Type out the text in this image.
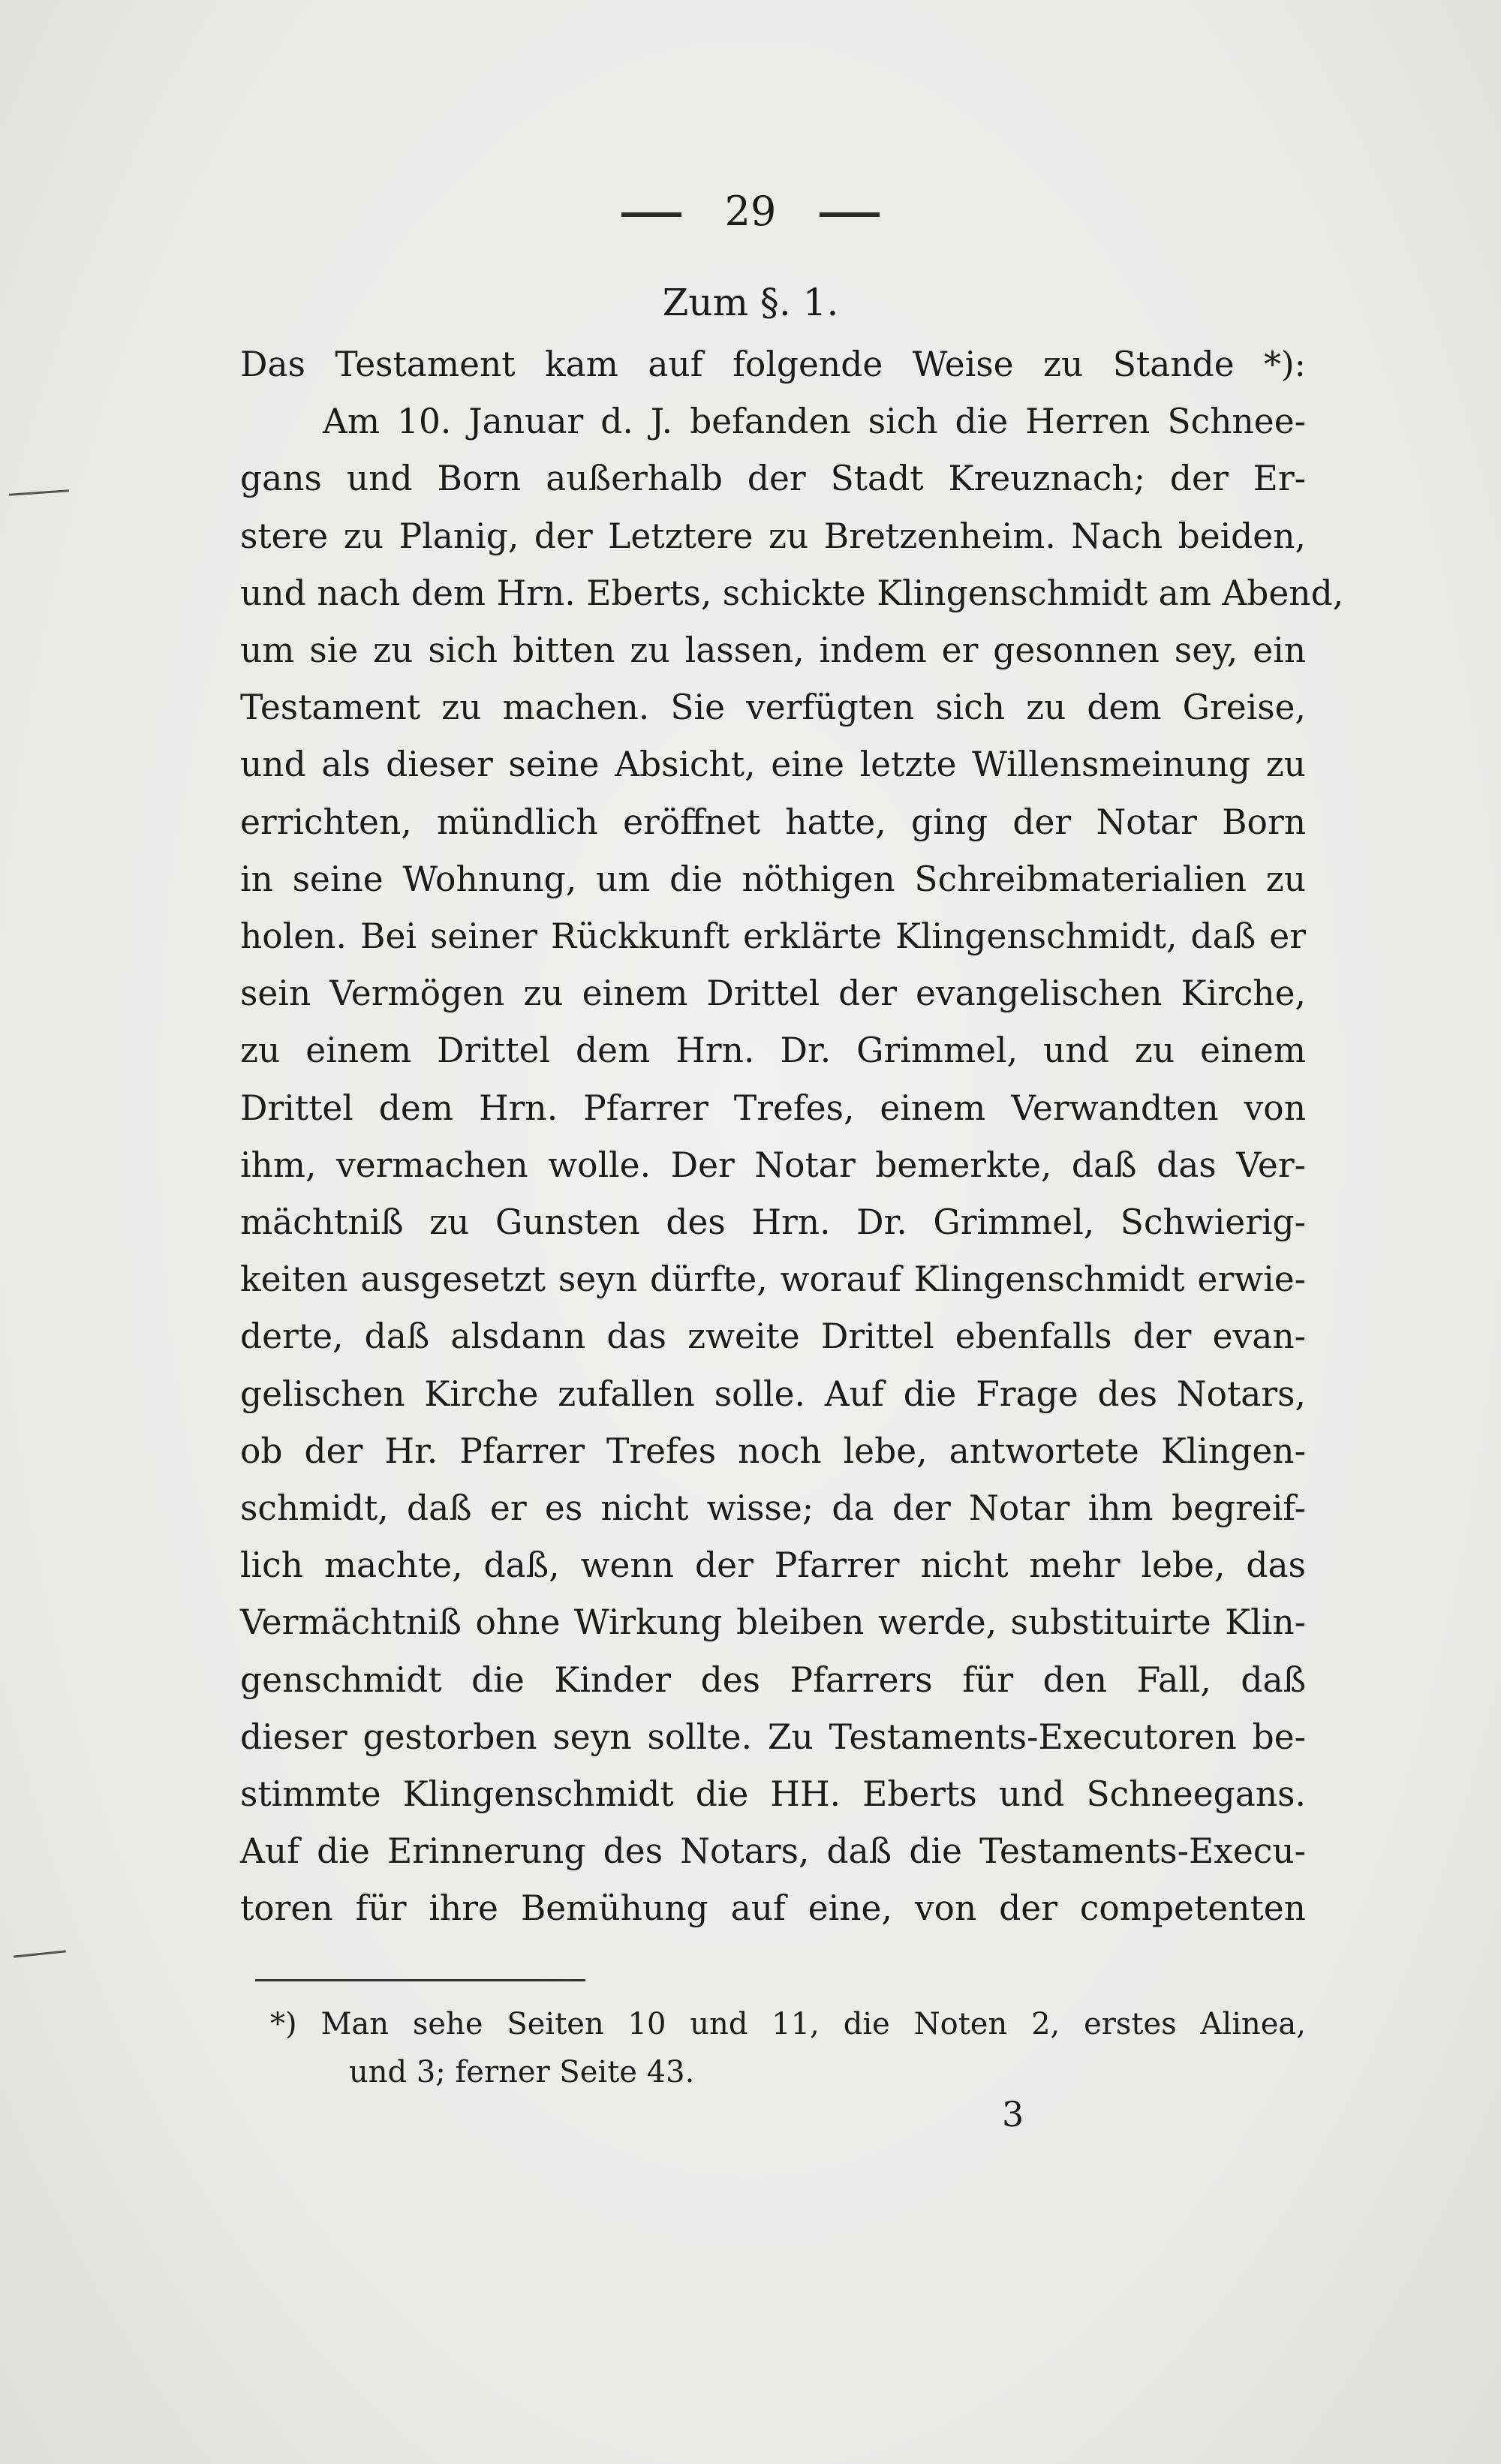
29
Zum §. 1.
Das Testament kam auf folgende Weise zu Stande *):
Am 10. Januar d. J. befanden sich die Herren Schnee-
gans und Born außerhalb der Stadt Kreuznach; der Er-
stere zu Planig, der Letztere zu Bretzenheim. Nach beiden,
und nach dem Hrn. Eberts, schickte Klingenschmidt am Abend,
um sie zu sich bitten zu lassen, indem er gesonnen sey, ein
Testament zu machen. Sie verfügten sich zu dem Greise,
und als dieser seine Absicht, eine letzte Willensmeinung zu
errichten, mündlich eröffnet hatte, ging der Notar Born
in seine Wohnung, um die nöthigen Schreibmaterialien zu
holen. Bei seiner Rückkunft erklärte Klingenschmidt, daß er
sein Vermögen zu einem Drittel der evangelischen Kirche,
zu einem Drittel dem Hrn. Dr. Grimmel, und zu einem
Drittel dem Hrn. Pfarrer Trefes, einem Verwandten von
ihm, vermachen wolle. Der Notar bemerkte, daß das Ver-
mächtniß zu Gunsten des Hrn. Dr. Grimmel, Schwierig-
keiten ausgesetzt seyn dürfte, worauf Klingenschmidt erwie-
derte, daß alsdann das zweite Drittel ebenfalls der evan-
gelischen Kirche zufallen solle. Auf die Frage des Notars,
ob der Hr. Pfarrer Trefes noch lebe, antwortete Klingen-
schmidt, daß er es nicht wisse; da der Notar ihm begreif-
lich machte, daß, wenn der Pfarrer nicht mehr lebe, das
Vermächtniß ohne Wirkung bleiben werde, substituirte Klin-
genschmidt die Kinder des Pfarrers für den Fall, daß
dieser gestorben seyn sollte. Zu Testaments-Executoren be-
stimmte Klingenschmidt die HH. Eberts und Schneegans.
Auf die Erinnerung des Notars, daß die Testaments-Execu-
toren für ihre Bemühung auf eine, von der competenten
*) Man sehe Seiten 10 und 11, die Noten 2, erstes Alinea,
und 3; ferner Seite 43.
3
